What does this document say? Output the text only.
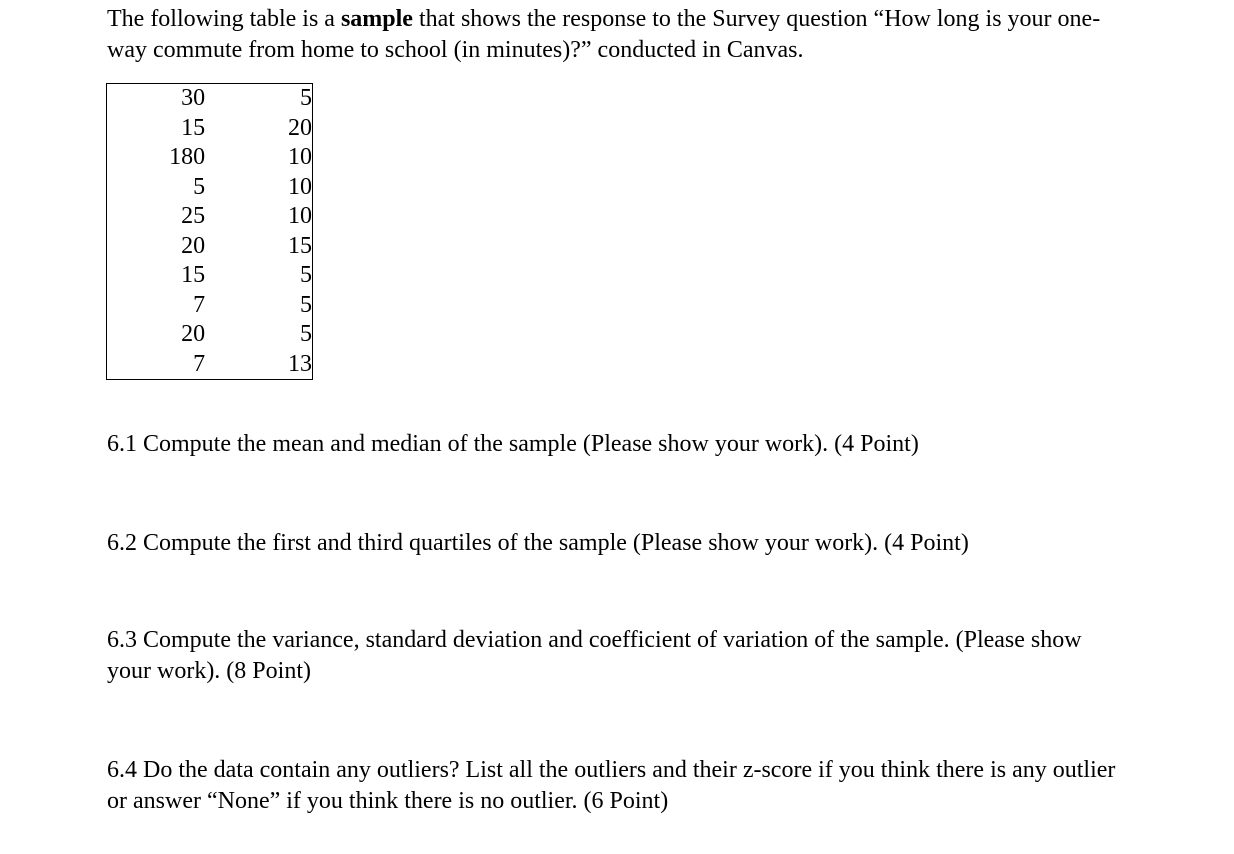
The following table is a sample that shows the response to the Survey question “How long is your one-way commute from home to school (in minutes)?” conducted in Canvas.

30	5
15	20
180	10
5	10
25	10
20	15
15	5
7	5
20	5
7	13

6.1 Compute the mean and median of the sample (Please show your work). (4 Point)

6.2 Compute the first and third quartiles of the sample (Please show your work). (4 Point)

6.3 Compute the variance, standard deviation and coefficient of variation of the sample. (Please show your work). (8 Point)

6.4 Do the data contain any outliers? List all the outliers and their z-score if you think there is any outlier or answer “None” if you think there is no outlier. (6 Point)
